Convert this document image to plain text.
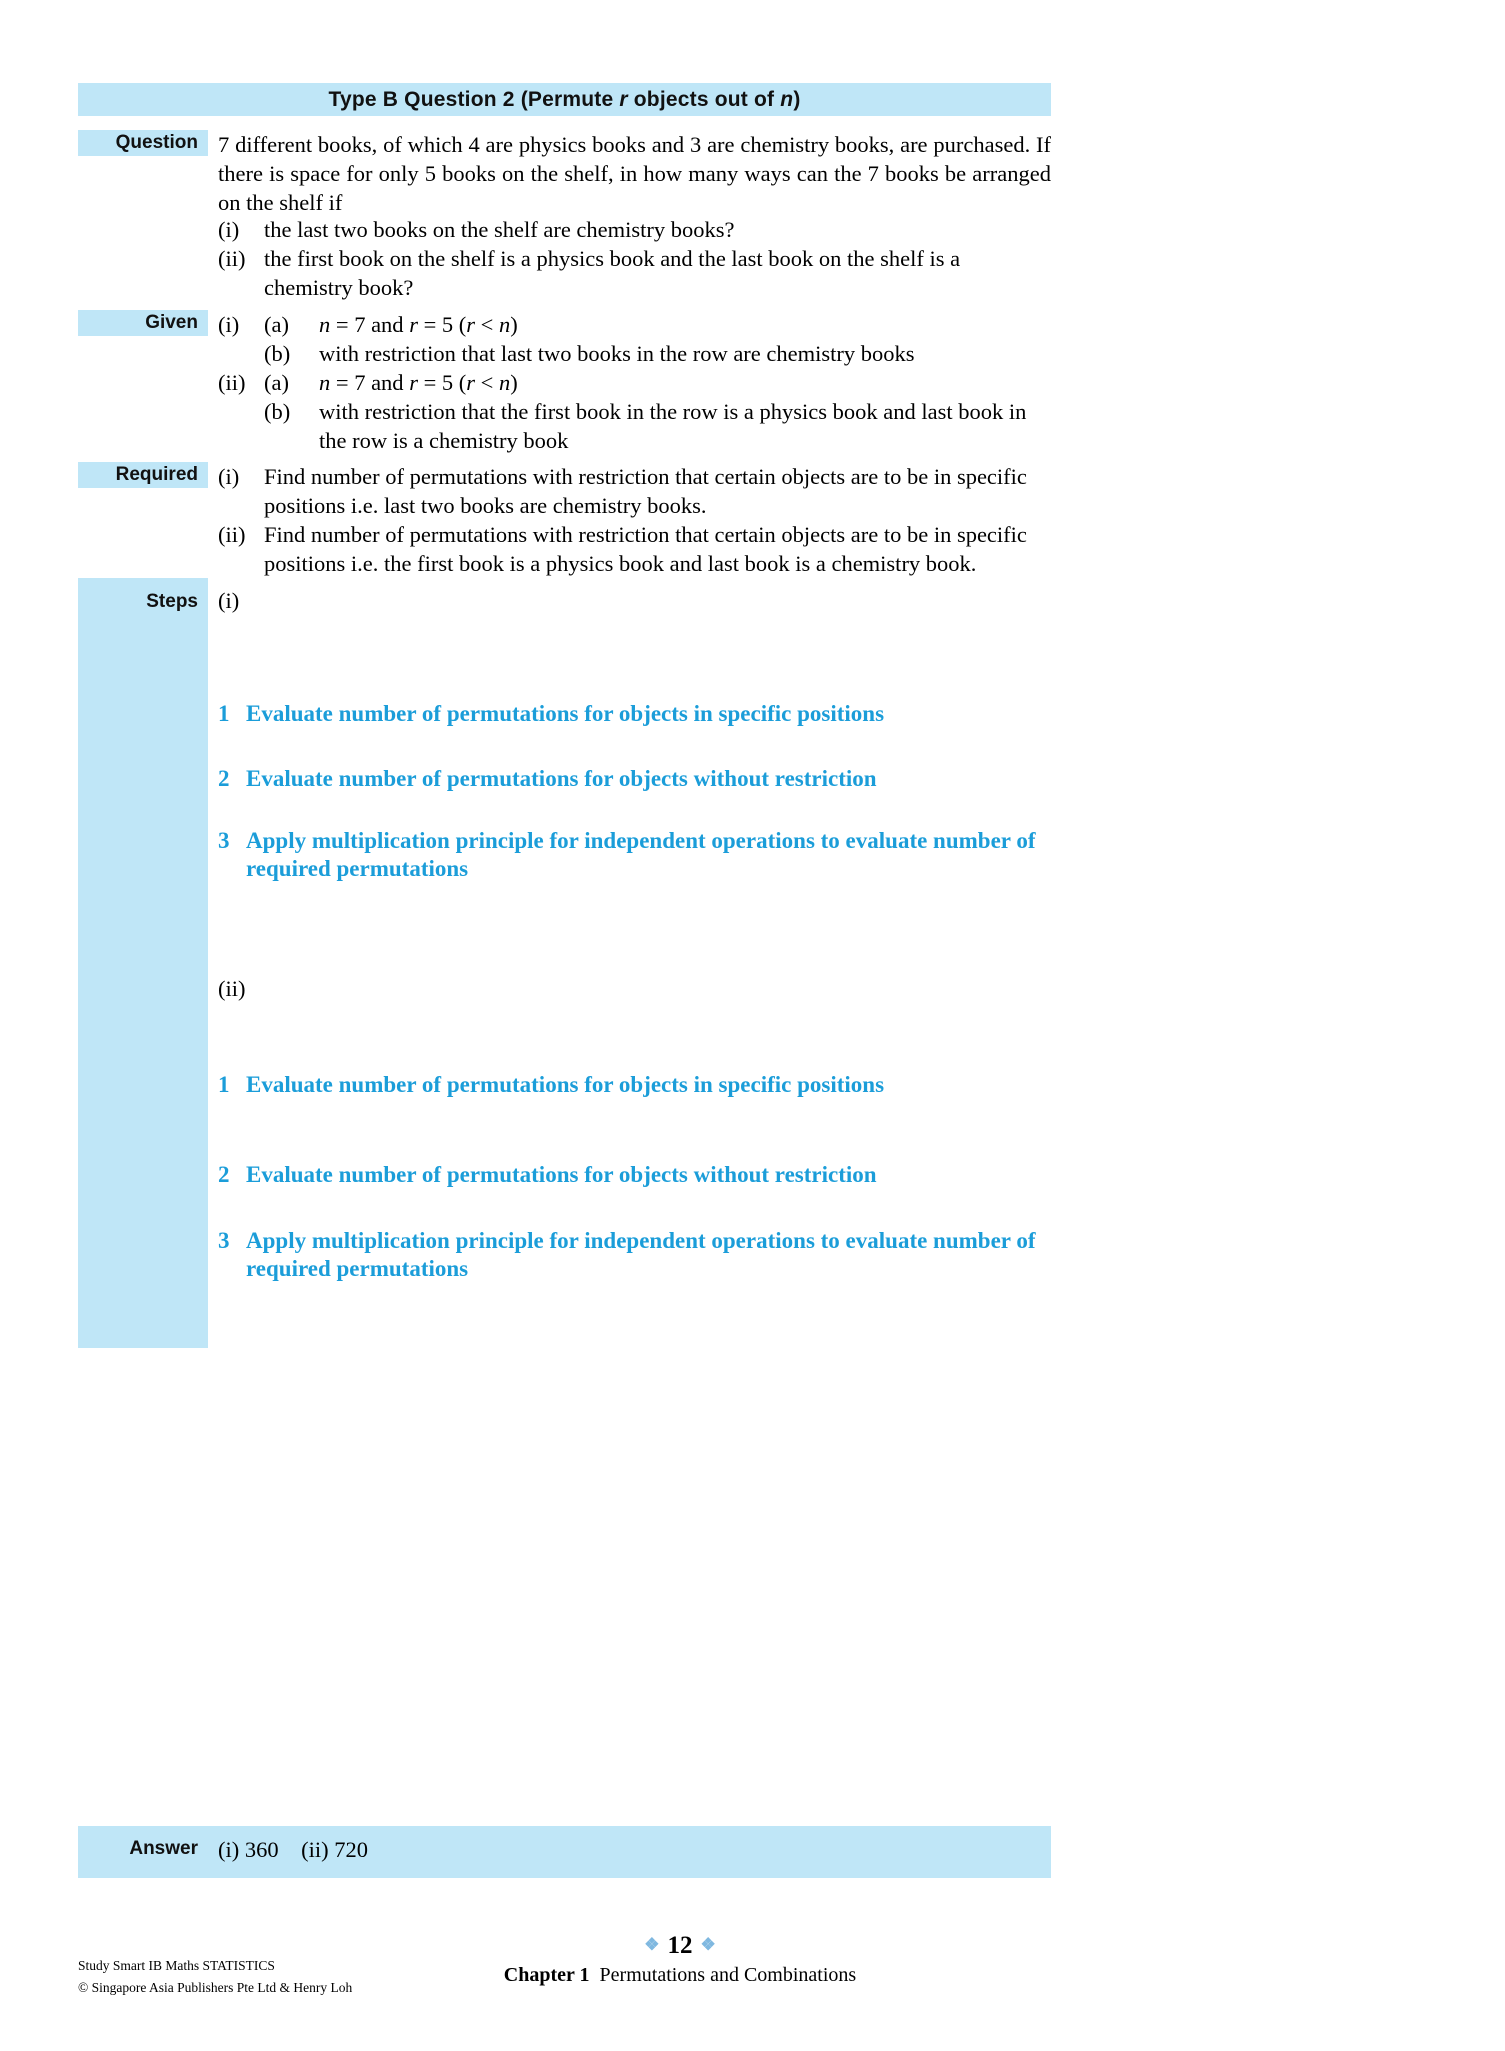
Type B Question 2 (Permute r objects out of n)
Question 7 different books, of which 4 are physics books and 3 are chemistry books, are purchased. If there is space for only 5 books on the shelf, in how many ways can the 7 books be arranged on the shelf if
(i)	the last two books on the shelf are chemistry books?
(ii) the first book on the shelf is a physics book and the last book on the shelf is a chemistry book?
Given (i)	(a)	n = 7 and r = 5 (r < n)
(b)	with restriction that last two books in the row are chemistry books
(ii) (a)	n = 7 and r = 5 (r < n)
(b)	with restriction that the first book in the row is a physics book and last book in the row is a chemistry book
Required (i)	Find number of permutations with restriction that certain objects are to be in specific positions i.e. last two books are chemistry books.
(ii) Find number of permutations with restriction that certain objects are to be in specific positions i.e. the first book is a physics book and last book is a chemistry book.
Steps (i)
1 Evaluate number of permutations for objects in specific positions
2 Evaluate number of permutations for objects without restriction
3 Apply multiplication principle for independent operations to evaluate number of required permutations
(ii)
1 Evaluate number of permutations for objects in specific positions
2 Evaluate number of permutations for objects without restriction
3 Apply multiplication principle for independent operations to evaluate number of required permutations
Answer (i) 360    (ii) 720
Study Smart IB Maths STATISTICS
© Singapore Asia Publishers Pte Ltd & Henry Loh
❖ 12 ❖
Chapter 1  Permutations and Combinations
